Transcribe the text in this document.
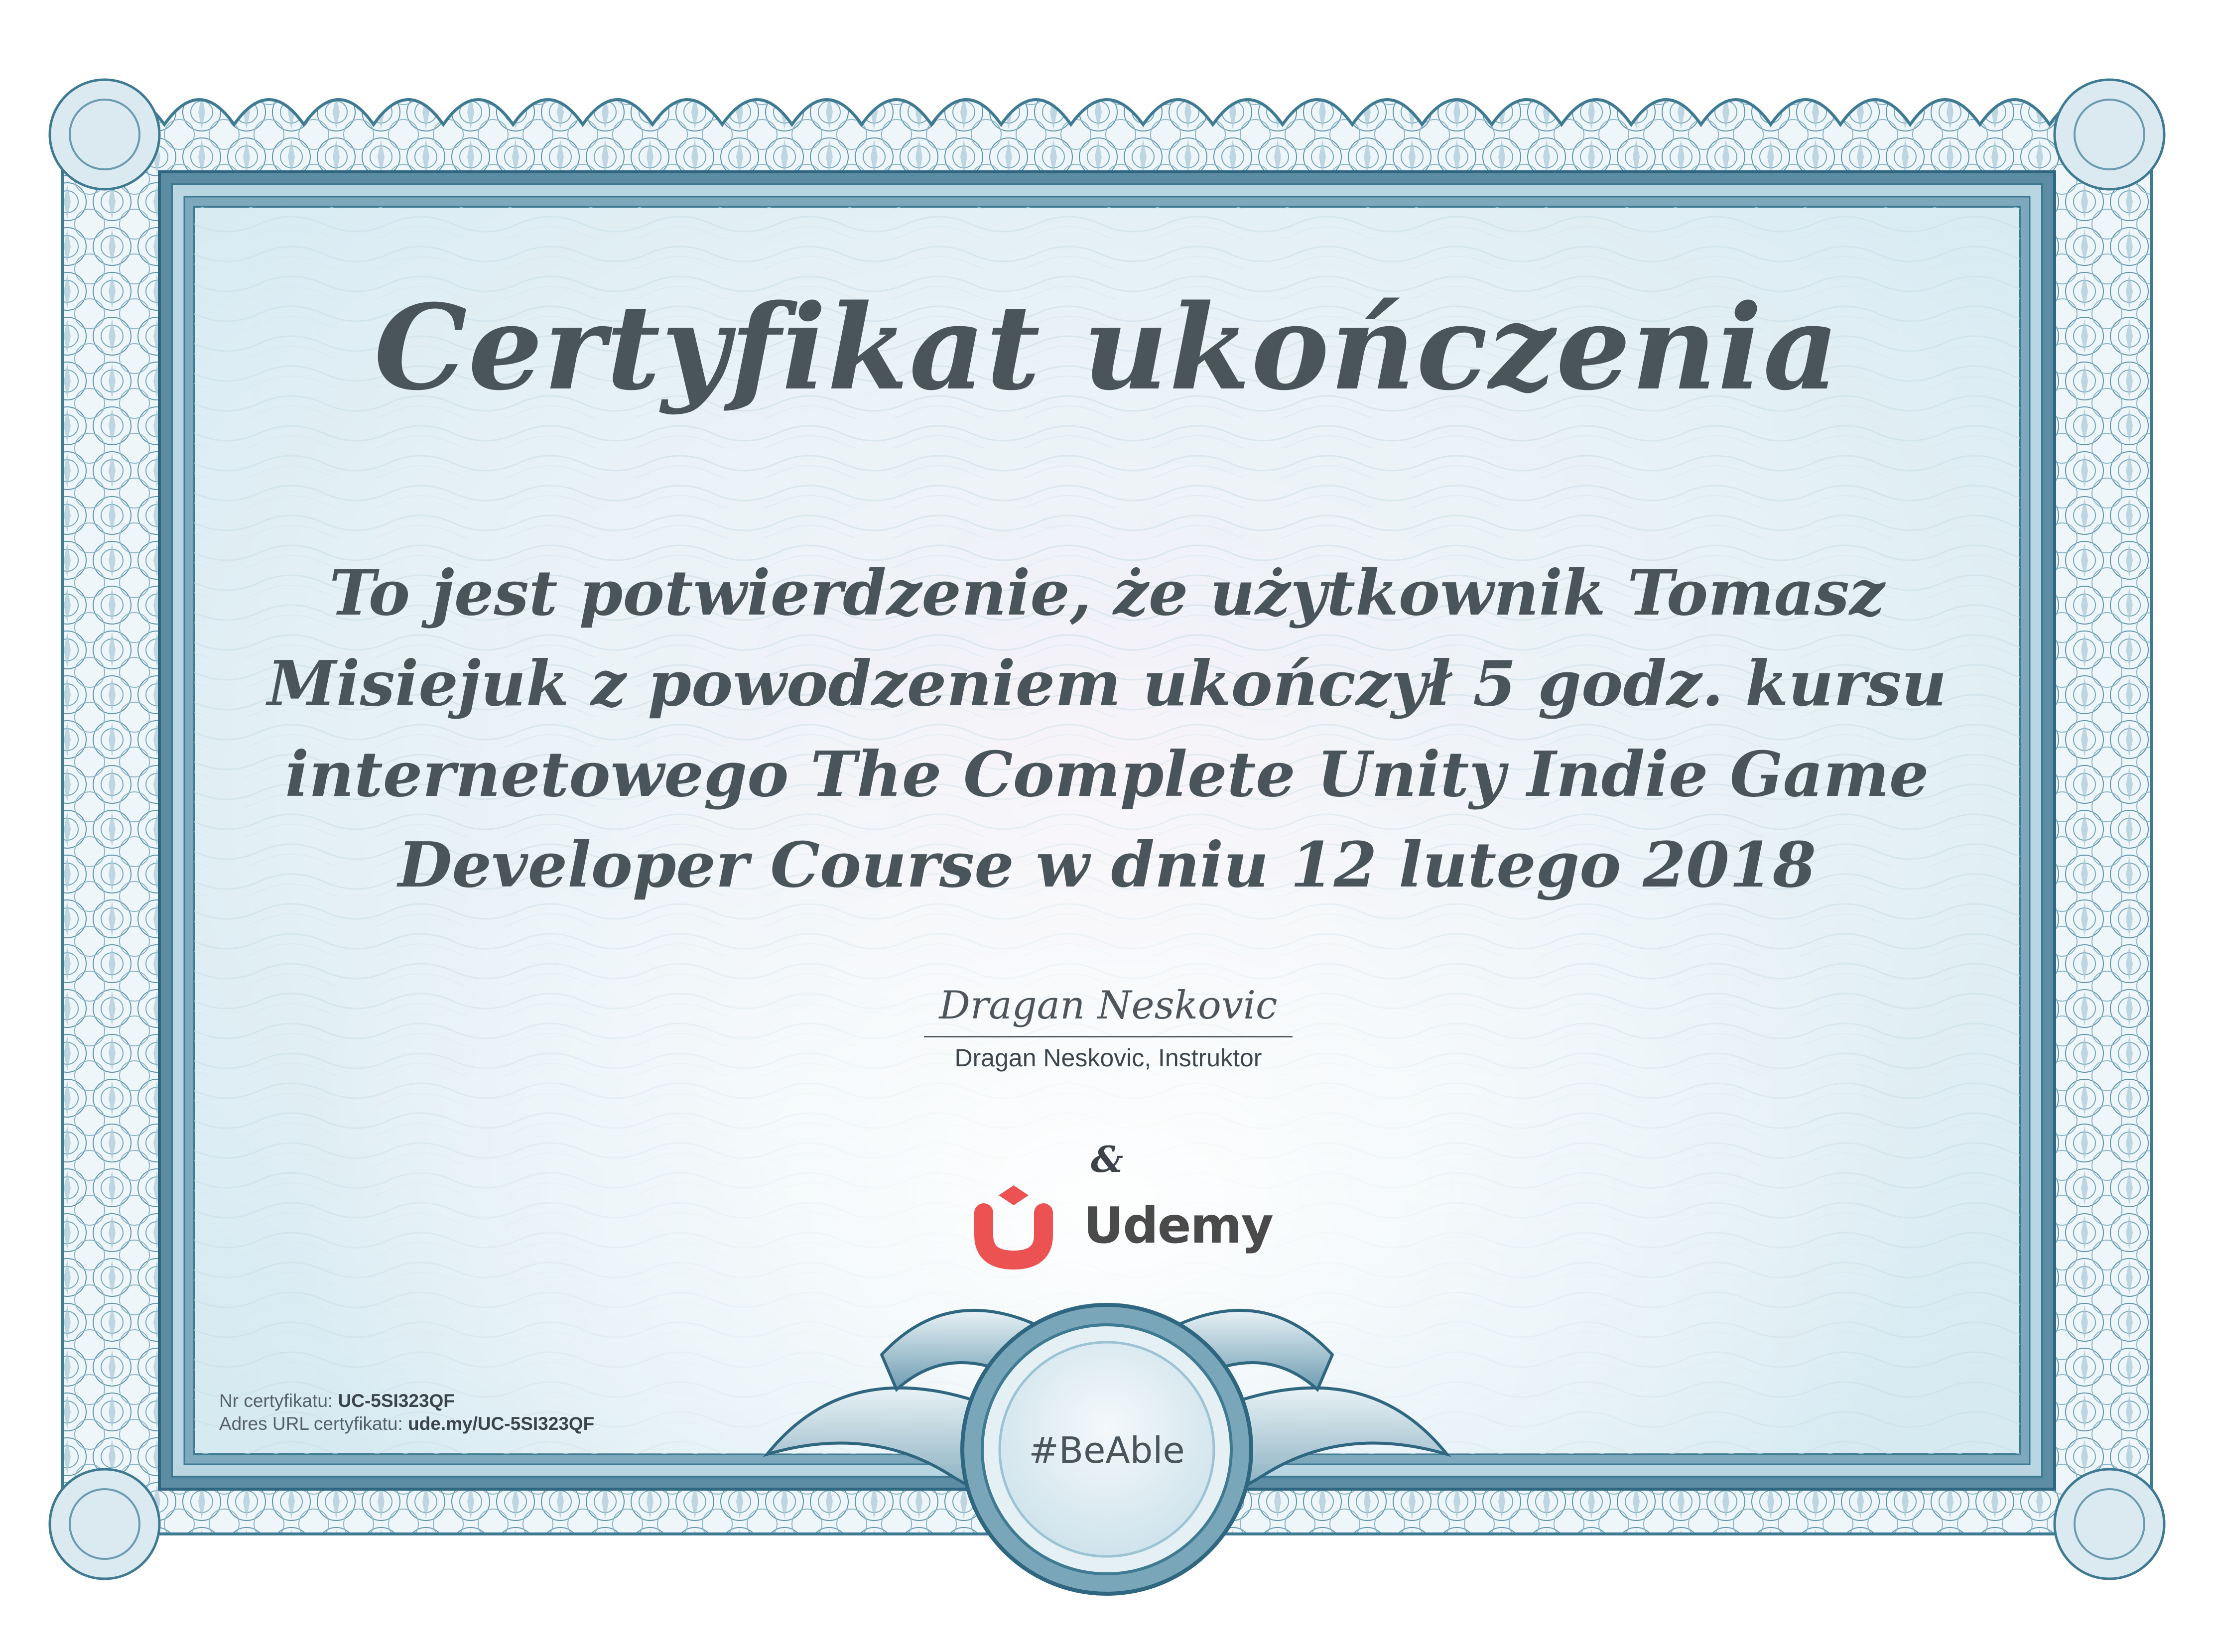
Certyfikat ukończenia
To jest potwierdzenie, że użytkownik Tomasz Misiejuk z powodzeniem ukończył 5 godz. kursu internetowego The Complete Unity Indie Game Developer Course w dniu 12 lutego 2018
Dragan Neskovic
Dragan Neskovic, Instruktor
&
Udemy
#BeAble
Nr certyfikatu: UC-5SI323QF
Adres URL certyfikatu: ude.my/UC-5SI323QF
